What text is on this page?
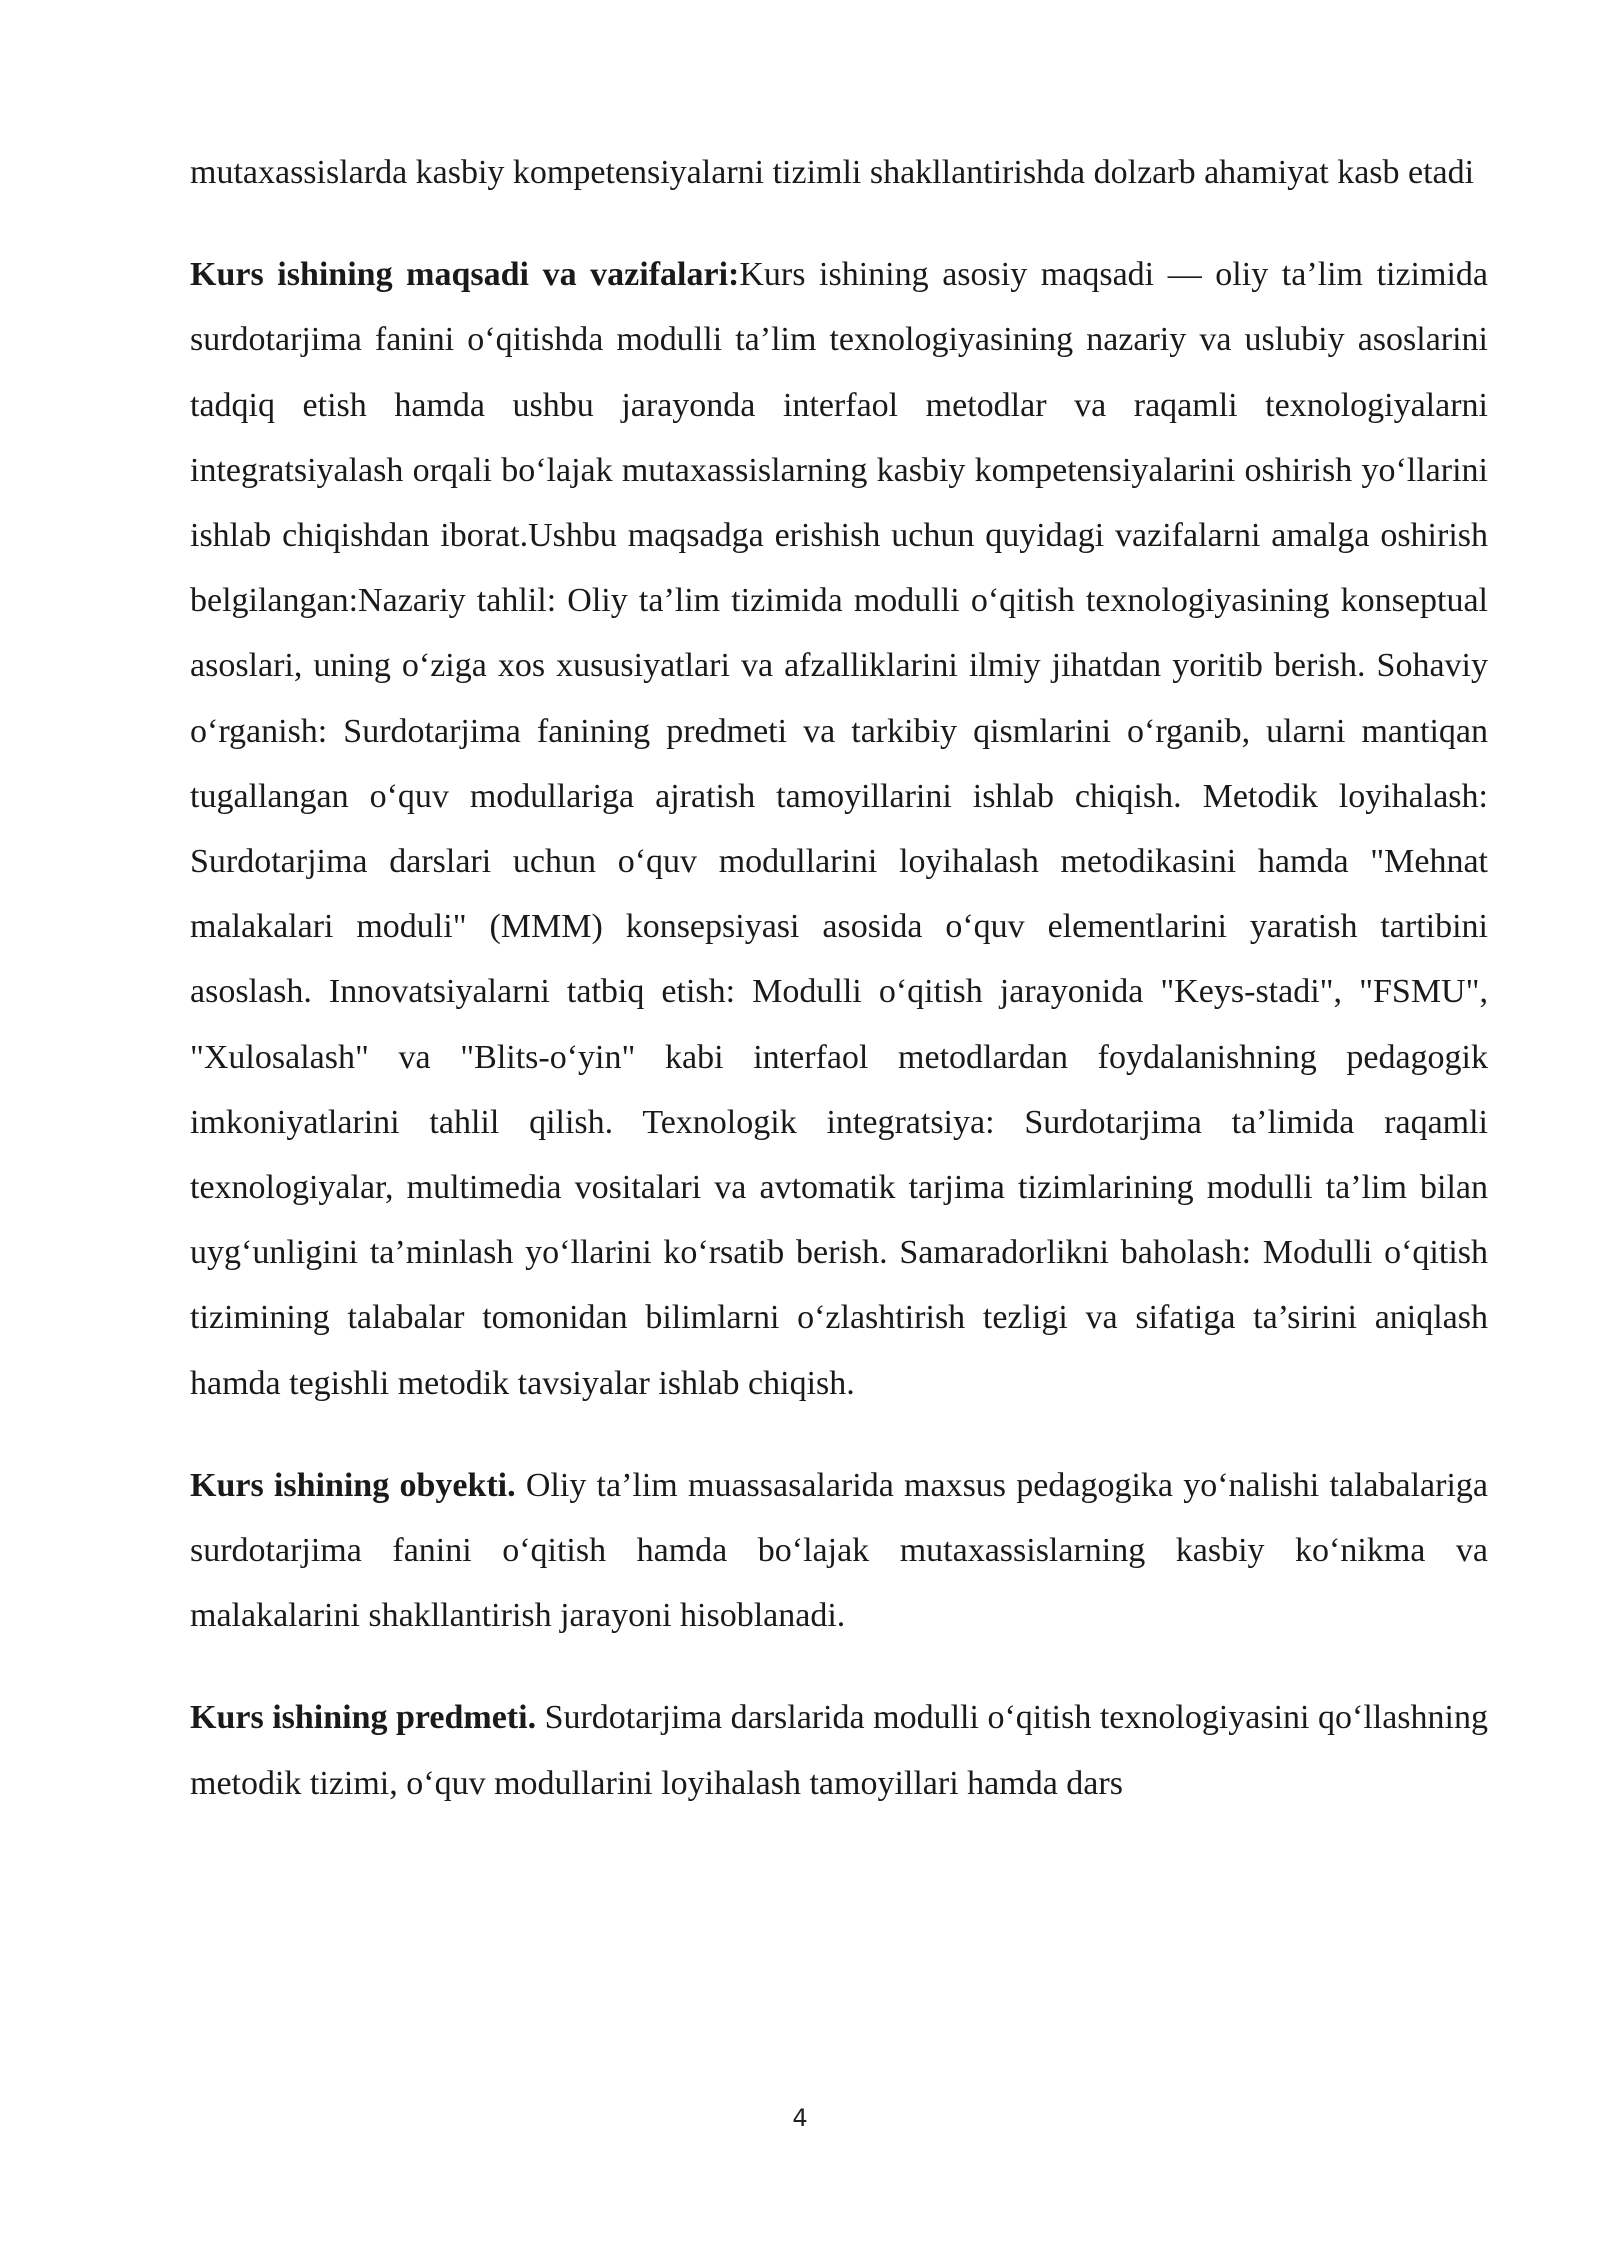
mutaxassislarda kasbiy kompetensiyalarni tizimli shakllantirishda dolzarb ahamiyat kasb etadi

Kurs ishining maqsadi va vazifalari:Kurs ishining asosiy maqsadi — oliy ta’lim tizimida surdotarjima fanini o‘qitishda modulli ta’lim texnologiyasining nazariy va uslubiy asoslarini tadqiq etish hamda ushbu jarayonda interfaol metodlar va raqamli texnologiyalarni integratsiyalash orqali bo‘lajak mutaxassislarning kasbiy kompetensiyalarini oshirish yo‘llarini ishlab chiqishdan iborat.Ushbu maqsadga erishish uchun quyidagi vazifalarni amalga oshirish belgilangan:Nazariy tahlil: Oliy ta’lim tizimida modulli o‘qitish texnologiyasining konseptual asoslari, uning o‘ziga xos xususiyatlari va afzalliklarini ilmiy jihatdan yoritib berish. Sohaviy o‘rganish: Surdotarjima fanining predmeti va tarkibiy qismlarini o‘rganib, ularni mantiqan tugallangan o‘quv modullariga ajratish tamoyillarini ishlab chiqish. Metodik loyihalash: Surdotarjima darslari uchun o‘quv modullarini loyihalash metodikasini hamda "Mehnat malakalari moduli" (MMM) konsepsiyasi asosida o‘quv elementlarini yaratish tartibini asoslash. Innovatsiyalarni tatbiq etish: Modulli o‘qitish jarayonida "Keys-stadi", "FSMU", "Xulosalash" va "Blits-o‘yin" kabi interfaol metodlardan foydalanishning pedagogik imkoniyatlarini tahlil qilish. Texnologik integratsiya: Surdotarjima ta’limida raqamli texnologiyalar, multimedia vositalari va avtomatik tarjima tizimlarining modulli ta’lim bilan uyg‘unligini ta’minlash yo‘llarini ko‘rsatib berish. Samaradorlikni baholash: Modulli o‘qitish tizimining talabalar tomonidan bilimlarni o‘zlashtirish tezligi va sifatiga ta’sirini aniqlash hamda tegishli metodik tavsiyalar ishlab chiqish.

Kurs ishining obyekti. Oliy ta’lim muassasalarida maxsus pedagogika yo‘nalishi talabalariga surdotarjima fanini o‘qitish hamda bo‘lajak mutaxassislarning kasbiy ko‘nikma va malakalarini shakllantirish jarayoni hisoblanadi.

Kurs ishining predmeti. Surdotarjima darslarida modulli o‘qitish texnologiyasini qo‘llashning metodik tizimi, o‘quv modullarini loyihalash tamoyillari hamda dars

4
